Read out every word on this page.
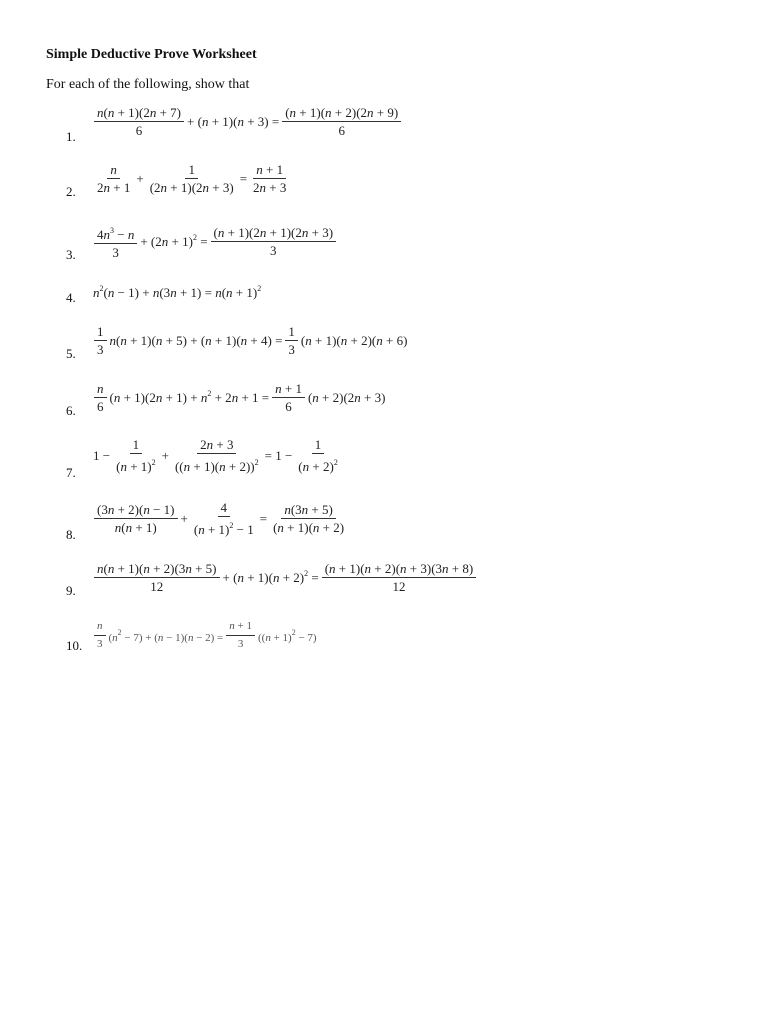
Simple Deductive Prove Worksheet
For each of the following, show that
1. $\frac{n(n + 1)(2n + 7)}{6} + (n + 1)(n + 3) = \frac{(n + 1)(n + 2)(2n + 9)}{6}$
2. $\frac{n}{2n + 1} + \frac{1}{(2n + 1)(2n + 3)} = \frac{n + 1}{2n + 3}$
3. $\frac{4n^3 - n}{3} + (2n + 1)^2 = \frac{(n + 1)(2n + 1)(2n + 3)}{3}$
4. $n^2(n - 1) + n(3n + 1) = n(n + 1)^2$
5. $\frac{1}{3} n(n + 1)(n + 5) + (n + 1)(n + 4) = \frac{1}{3} (n + 1)(n + 2)(n + 6)$
6. $\frac{n}{6} (n + 1)(2n + 1) + n^2 + 2n + 1 = \frac{n + 1}{6} (n + 2)(2n + 3)$
7.
$1 - \frac{1}{(n + 1)^2} + \frac{2n + 3}{((n + 1)(n + 2))^2} = 1 - \frac{1}{(n + 2)^2}$
8. $\frac{(3n + 2)(n - 1)}{n(n + 1)} + \frac{4}{(n + 1)^2 - 1} = \frac{n(3n + 5)}{(n + 1)(n + 2)}$
9. $\frac{n(n + 1)(n + 2)(3n + 5)}{12} + (n + 1)(n + 2)^2 = \frac{(n + 1)(n + 2)(n + 3)(3n + 8)}{12}$
10. $\frac{n}{3} (n^2 - 7) + (n - 1)(n - 2) = \frac{n + 1}{3} ((n + 1)^2 - 7)$
